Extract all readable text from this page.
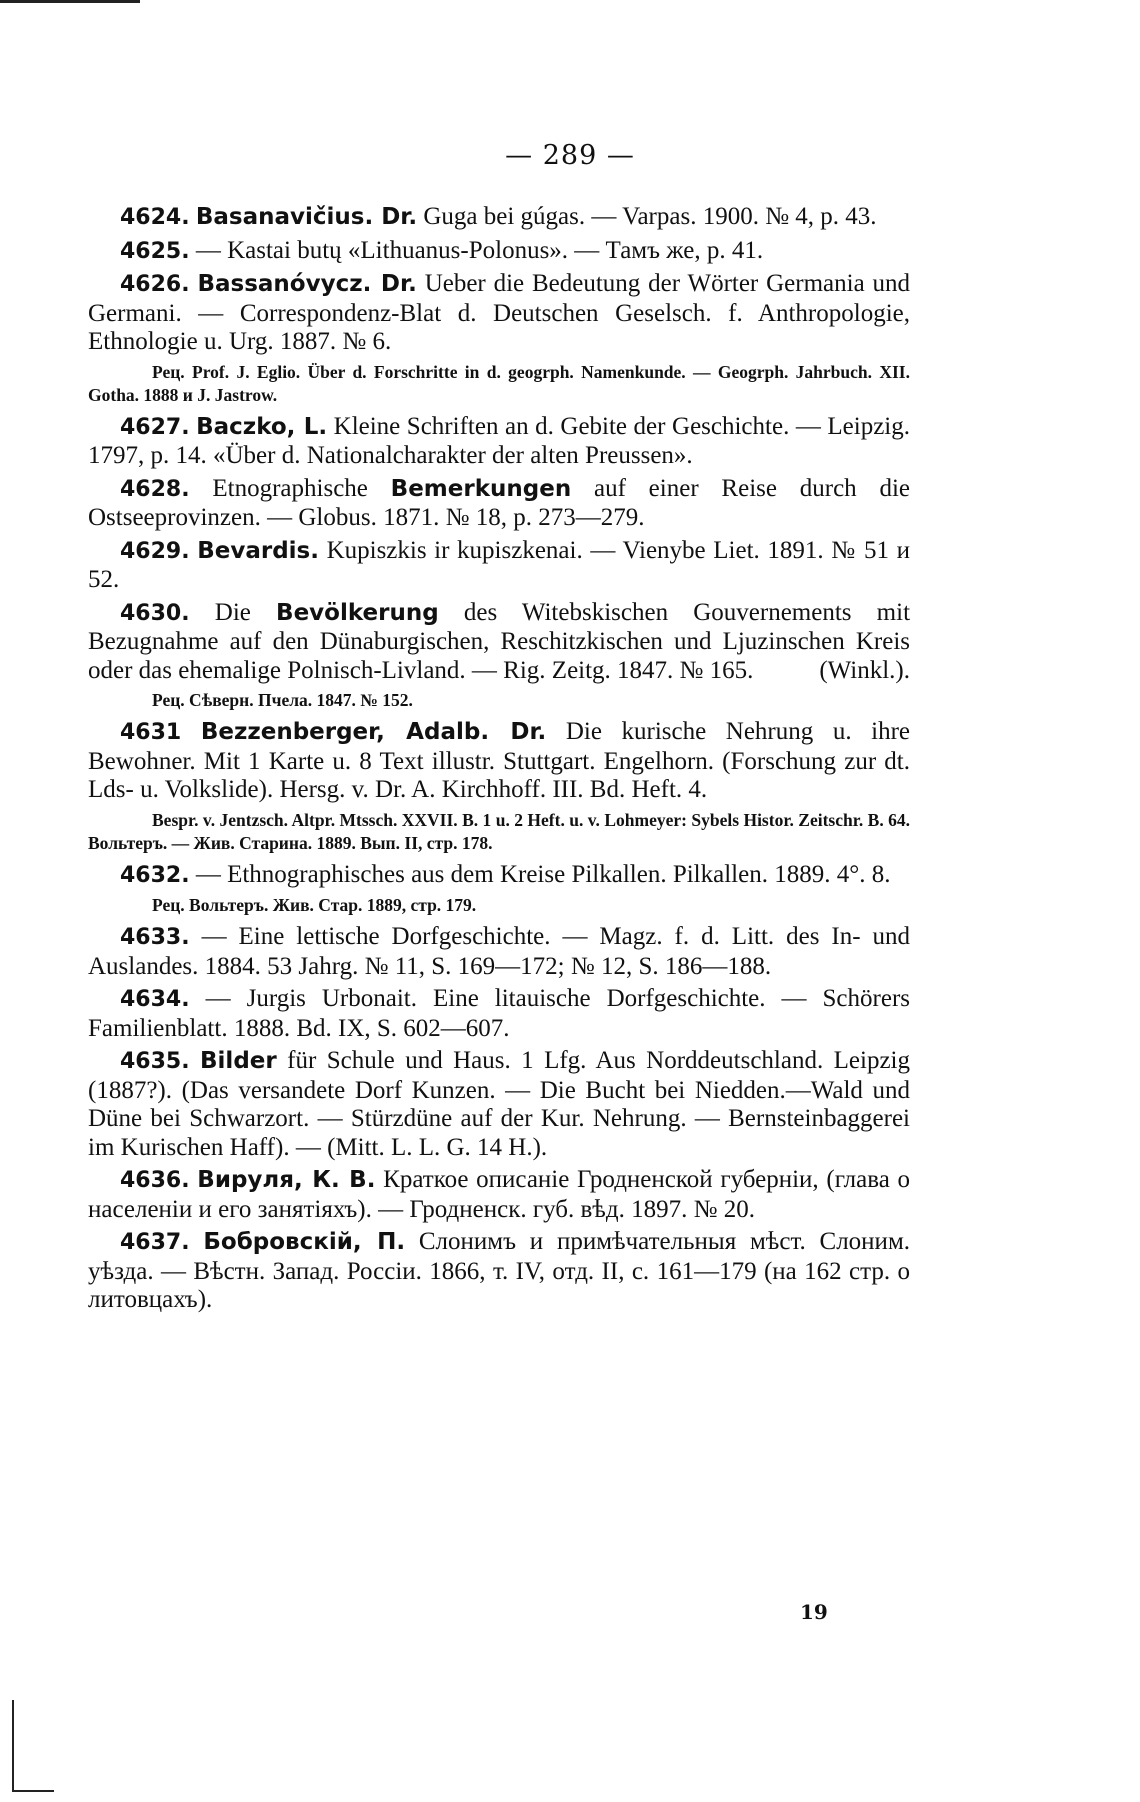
— 289 —

4624. Basanavičius. Dr. Guga bei gúgas. — Varpas. 1900. № 4, p. 43.

4625. — Kastai butų «Lithuanus-Polonus». — Тамъ же, p. 41.

4626. Bassanóvycz. Dr. Ueber die Bedeutung der Wörter Germania und Germani. — Correspondenz-Blat d. Deutschen Geselsch. f. Anthropologie, Ethnologie u. Urg. 1887. № 6.

Рец. Prof. J. Eglio. Über d. Forschritte in d. geogrph. Namenkunde. — Geogrph. Jahrbuch. XII. Gotha. 1888 и J. Jastrow.

4627. Baczko, L. Kleine Schriften an d. Gebite der Geschichte. — Leipzig. 1797, p. 14. «Über d. Nationalcharakter der alten Preussen».

4628. Etnographische Bemerkungen auf einer Reise durch die Ostseeprovinzen. — Globus. 1871. № 18, p. 273—279.

4629. Bevardis. Kupiszkis ir kupiszkenai. — Vienybe Liet. 1891. № 51 и 52.

4630. Die Bevölkerung des Witebskischen Gouvernements mit Bezugnahme auf den Dünaburgischen, Reschitzkischen und Ljuzinschen Kreis oder das ehemalige Polnisch-Livland. — Rig. Zeitg. 1847. № 165.	(Winkl.).

Рец. Сѣверн. Пчела. 1847. № 152.

4631 Bezzenberger, Adalb. Dr. Die kurische Nehrung u. ihre Bewohner. Mit 1 Karte u. 8 Text illustr. Stuttgart. Engelhorn. (Forschung zur dt. Lds- u. Volkslide). Hersg. v. Dr. A. Kirchhoff. III. Bd. Heft. 4.

Bespr. v. Jentzsch. Altpr. Mtssch. XXVII. B. 1 u. 2 Heft. u. v. Lohmeyer: Sybels Histor. Zeitschr. B. 64. Вольтеръ. — Жив. Старина. 1889. Вып. II, стр. 178.

4632. — Ethnographisches aus dem Kreise Pilkallen. Pilkallen. 1889. 4°. 8.

Рец. Вольтеръ. Жив. Стар. 1889, стр. 179.

4633. — Eine lettische Dorfgeschichte. — Magz. f. d. Litt. des In- und Auslandes. 1884. 53 Jahrg. № 11, S. 169—172; № 12, S. 186—188.

4634. — Jurgis Urbonait. Eine litauische Dorfgeschichte. — Schörers Familienblatt. 1888. Bd. IX, S. 602—607.

4635. Bilder für Schule und Haus. 1 Lfg. Aus Norddeutschland. Leipzig (1887?). (Das versandete Dorf Kunzen. — Die Bucht bei Niedden.—Wald und Düne bei Schwarzort. — Stürzdüne auf der Kur. Nehrung. — Bernsteinbaggerei im Kurischen Haff). — (Mitt. L. L. G. 14 H.).

4636. Вируля, К. В. Краткое описаніе Гродненской губерніи, (глава о населеніи и его занятіяхъ). — Гродненск. губ. вѣд. 1897. № 20.

4637. Бобровскій, П. Слонимъ и примѣчательныя мѣст. Слоним. уѣзда. — Вѣстн. Запад. Россіи. 1866, т. IV, отд. II, с. 161—179 (на 162 стр. о литовцахъ).

19
